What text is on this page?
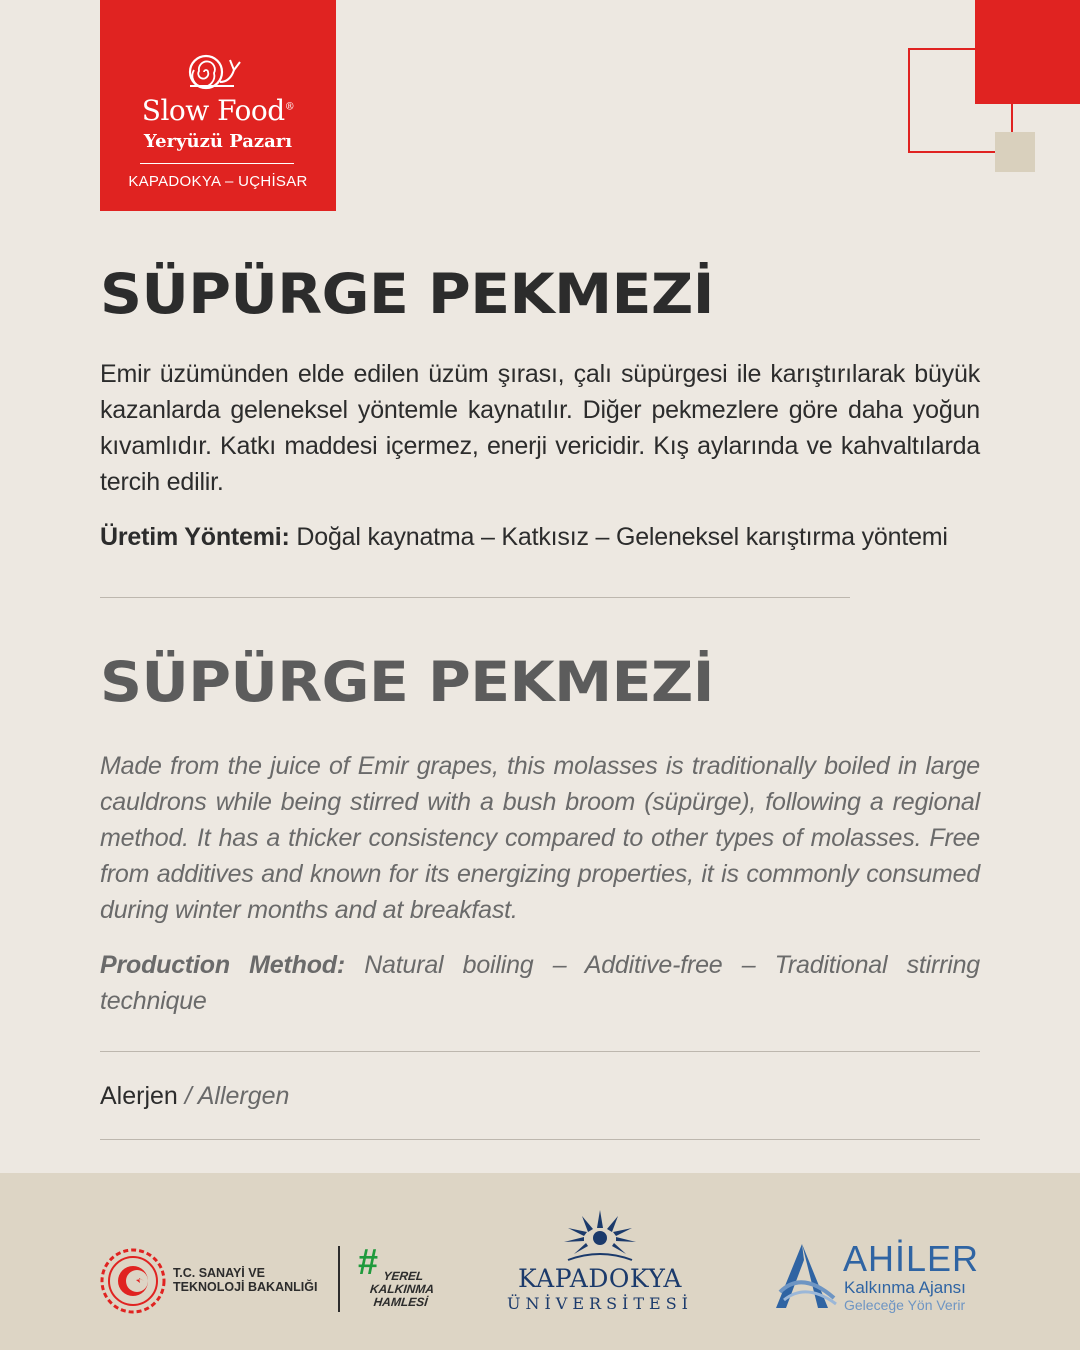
Slow Food®
Yeryüzü Pazarı
KAPADOKYA – UÇHİSAR
SÜPÜRGE PEKMEZİ

Emir üzümünden elde edilen üzüm şırası, çalı süpürgesi ile karıştırılarak büyük kazanlarda geleneksel yöntemle kaynatılır. Diğer pekmezlere göre daha yoğun kıvamlıdır. Katkı maddesi içermez, enerji vericidir. Kış aylarında ve kahvaltılarda tercih edilir.

Üretim Yöntemi: Doğal kaynatma – Katkısız – Geleneksel karıştırma yöntemi

SÜPÜRGE PEKMEZİ

Made from the juice of Emir grapes, this molasses is traditionally boiled in large cauldrons while being stirred with a bush broom (süpürge), following a regional method. It has a thicker consistency compared to other types of molasses. Free from additives and known for its energizing properties, it is commonly consumed during winter months and at breakfast.

Production Method: Natural boiling – Additive-free – Traditional stirring technique

Alerjen / Allergen

T.C. SANAYİ VE
TEKNOLOJİ BAKANLIĞI
# YEREL
KALKINMA
HAMLESİ
KAPADOKYA
ÜNİVERSİTESİ
AHİLER
Kalkınma Ajansı
Geleceğe Yön Verir
